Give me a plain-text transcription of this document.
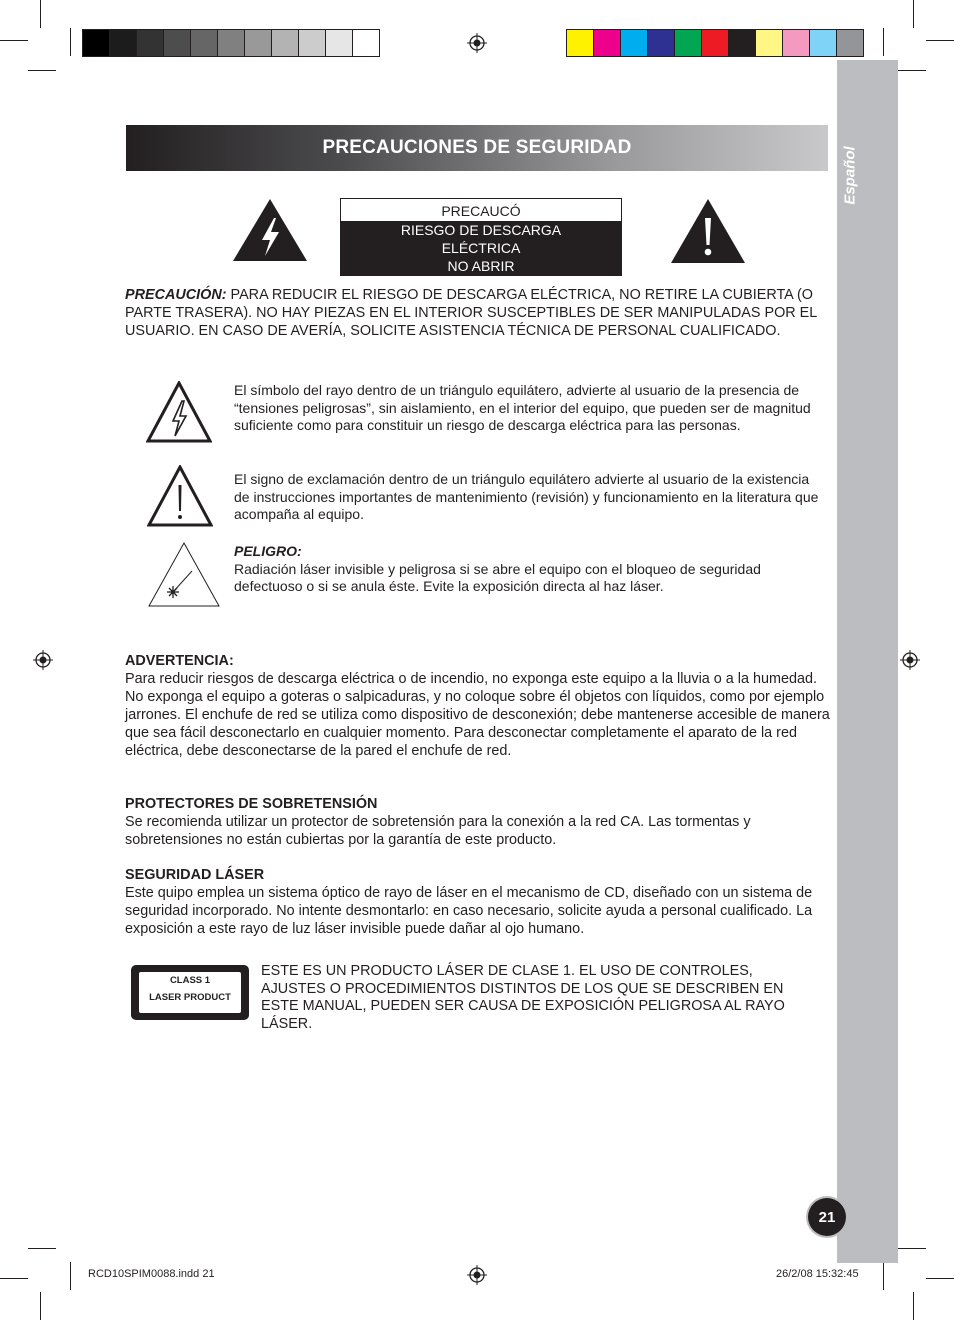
Español
PRECAUCIONES DE SEGURIDAD
PRECAUCÓ
RIESGO DE DESCARGA
ELÉCTRICA
NO ABRIR
PRECAUCIÓN: PARA REDUCIR EL RIESGO DE DESCARGA ELÉCTRICA, NO RETIRE LA CUBIERTA (O PARTE TRASERA). NO HAY PIEZAS EN EL INTERIOR SUSCEPTIBLES DE SER MANIPULADAS POR EL USUARIO. EN CASO DE AVERÍA, SOLICITE ASISTENCIA TÉCNICA DE PERSONAL CUALIFICADO.
El símbolo del rayo dentro de un triángulo equilátero, advierte al usuario de la presencia de “tensiones peligrosas”, sin aislamiento, en el interior del equipo, que pueden ser de magnitud suficiente como para constituir un riesgo de descarga eléctrica para las personas.
El signo de exclamación dentro de un triángulo equilátero advierte al usuario de la existencia de instrucciones importantes de mantenimiento (revisión) y funcionamiento en la literatura que acompaña al equipo.
PELIGRO:
Radiación láser invisible y peligrosa si se abre el equipo con el bloqueo de seguridad defectuoso o si se anula éste. Evite la exposición directa al haz láser.
ADVERTENCIA:
Para reducir riesgos de descarga eléctrica o de incendio, no exponga este equipo a la lluvia o a la humedad. No exponga el equipo a goteras o salpicaduras, y no coloque sobre él objetos con líquidos, como por ejemplo jarrones. El enchufe de red se utiliza como dispositivo de desconexión; debe mantenerse accesible de manera que sea fácil desconectarlo en cualquier momento. Para desconectar completamente el aparato de la red eléctrica, debe desconectarse de la pared el enchufe de red.
PROTECTORES DE SOBRETENSIÓN
Se recomienda utilizar un protector de sobretensión para la conexión a la red CA. Las tormentas y sobretensiones no están cubiertas por la garantía de este producto.
SEGURIDAD LÁSER
Este quipo emplea un sistema óptico de rayo de láser en el mecanismo de CD, diseñado con un sistema de seguridad incorporado. No intente desmontarlo: en caso necesario, solicite ayuda a personal cualificado. La exposición a este rayo de luz láser invisible puede dañar al ojo humano.
CLASS 1
LASER PRODUCT
ESTE ES UN PRODUCTO LÁSER DE CLASE 1. EL USO DE CONTROLES, AJUSTES O PROCEDIMIENTOS DISTINTOS DE LOS QUE SE DESCRIBEN EN ESTE MANUAL, PUEDEN SER CAUSA DE EXPOSICIÓN PELIGROSA AL RAYO LÁSER.
21
RCD10SPIM0088.indd 21	26/2/08 15:32:45
